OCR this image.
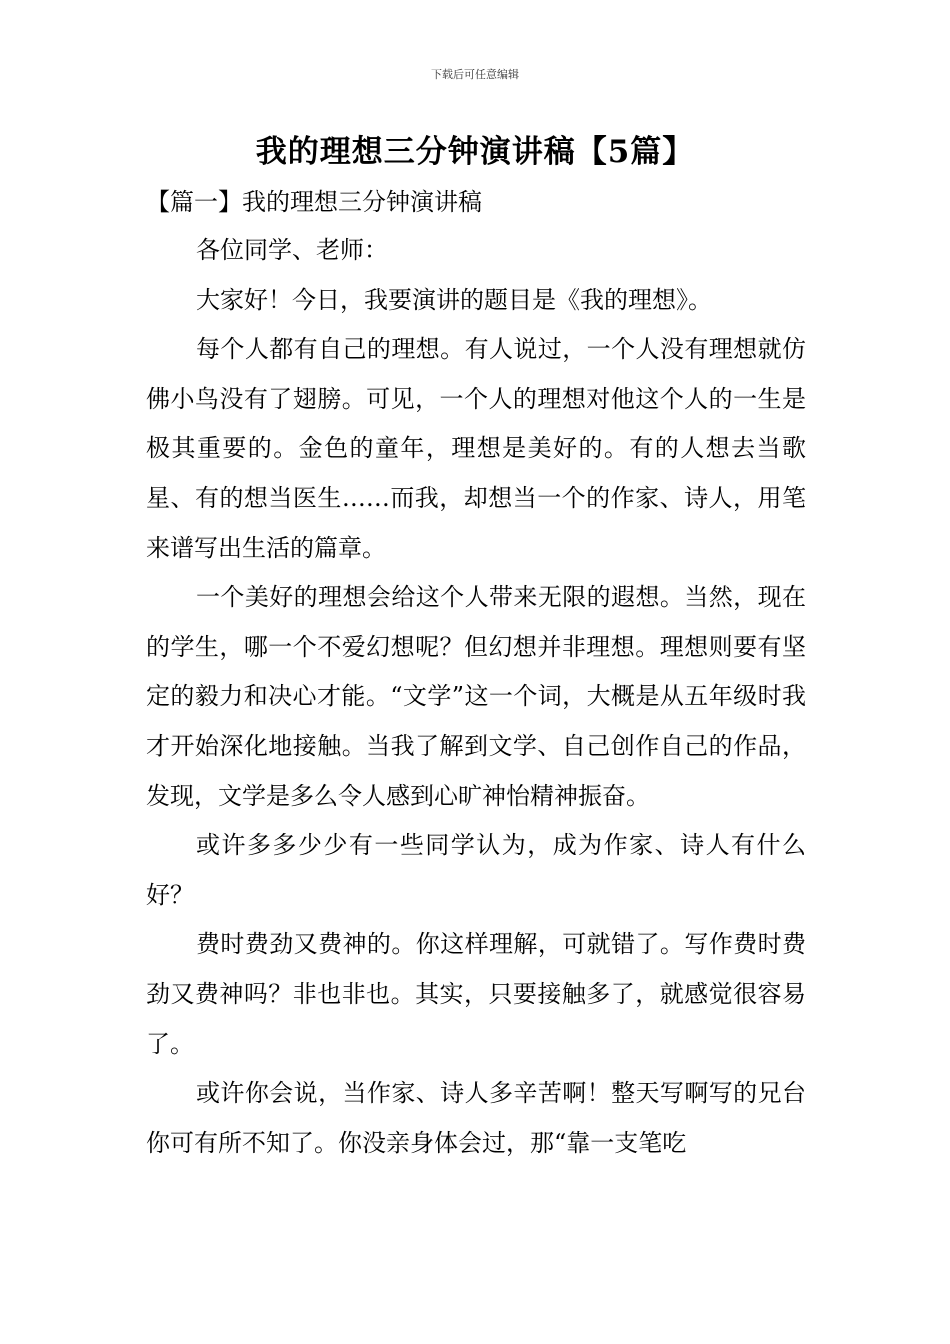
下载后可任意编辑
我的理想三分钟演讲稿【5篇】
【篇一】我的理想三分钟演讲稿

各位同学、老师：

大家好！今日，我要演讲的题目是《我的理想》。

每个人都有自己的理想。有人说过，一个人没有理想就仿佛小鸟没有了翅膀。可见，一个人的理想对他这个人的一生是极其重要的。金色的童年，理想是美好的。有的人想去当歌星、有的想当医生……而我，却想当一个的作家、诗人，用笔来谱写出生活的篇章。

一个美好的理想会给这个人带来无限的遐想。当然，现在的学生，哪一个不爱幻想呢？但幻想并非理想。理想则要有坚定的毅力和决心才能。“文学”这一个词，大概是从五年级时我才开始深化地接触。当我了解到文学、自己创作自己的作品，发现，文学是多么令人感到心旷神怡精神振奋。

或许多多少少有一些同学认为，成为作家、诗人有什么好？

费时费劲又费神的。你这样理解，可就错了。写作费时费劲又费神吗？非也非也。其实，只要接触多了，就感觉很容易了。

或许你会说，当作家、诗人多辛苦啊！整天写啊写的兄台你可有所不知了。你没亲身体会过，那“靠一支笔吃
